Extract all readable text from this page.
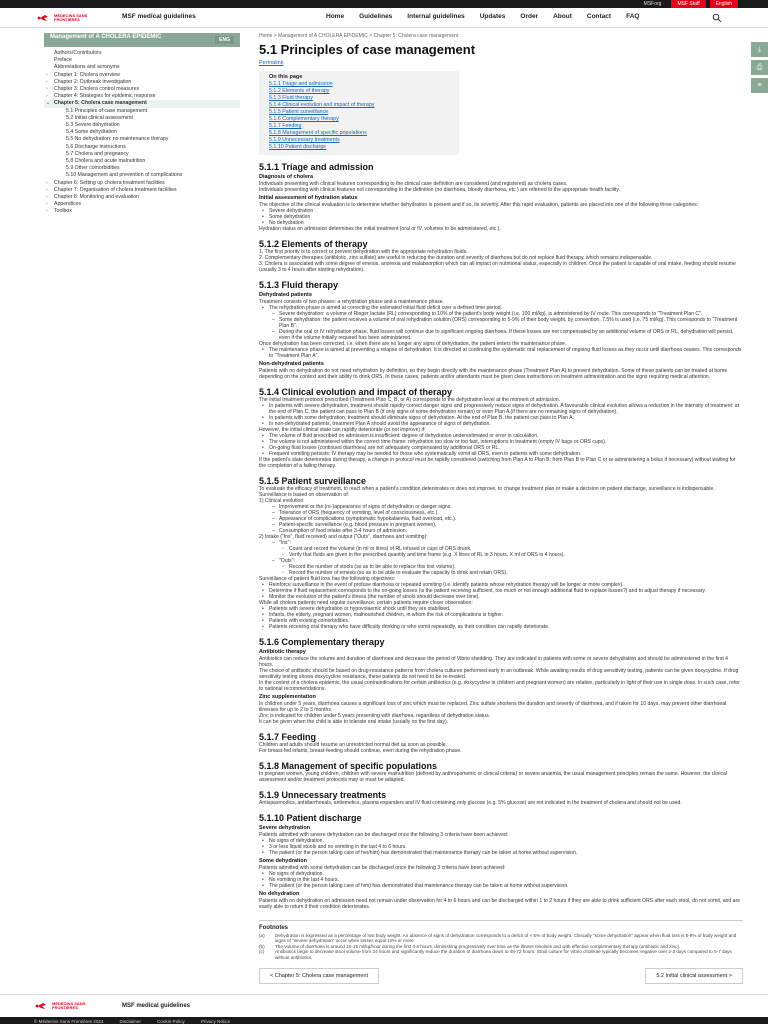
MSForg	MSF Staff	English
MÉDECINS SANS FRONTIÈRES	MSF medical guidelines	Home Guidelines Internal guidelines Updates Order About Contact FAQ
Management of A CHOLERA EPIDEMIC	ENG
Authors/Contributors
Preface
Abbreviations and acronyms
› Chapter 1: Cholera overview
› Chapter 2: Outbreak investigation
› Chapter 3: Cholera control measures
› Chapter 4: Strategies for epidemic response
⌄ Chapter 5: Cholera case management
5.1 Principles of case management
5.2 Initial clinical assessment
5.3 Severe dehydration
5.4 Some dehydration
5.5 No dehydration: no maintenance therapy
5.6 Discharge instructions
5.7 Cholera and pregnancy
5.8 Cholera and acute malnutrition
5.9 Other comorbidities
5.10 Management and prevention of complications
› Chapter 6: Setting up cholera treatment facilities
› Chapter 7: Organisation of cholera treatment facilities
› Chapter 8: Monitoring and evaluation
› Appendices
› Toolbox
⤓
⎙
≡
Home > Management of A CHOLERA EPIDEMIC > Chapter 5: Cholera case management
5.1 Principles of case management
Permalink
On this page
5.1.1 Triage and admission
5.1.2 Elements of therapy
5.1.3 Fluid therapy
5.1.4 Clinical evolution and impact of therapy
5.1.5 Patient surveillance
5.1.6 Complementary therapy
5.1.7 Feeding
5.1.8 Management of specific populations
5.1.9 Unnecessary treatments
5.1.10 Patient discharge
5.1.1 Triage and admission
Diagnosis of cholera

Individuals presenting with clinical features corresponding to the clinical case definition are considered (and registered) as cholera cases.

Individuals presenting with clinical features not corresponding to the definition (no diarrhoea, bloody diarrhoea, etc.) are referred to the appropriate health facility.

Initial assessment of hydration status

The objective of the clinical evaluation is to determine whether dehydration is present and if so, its severity. After this rapid evaluation, patients are placed into one of the following three categories:

• Severe dehydration
• Some dehydration
• No dehydration

Hydration status on admission determines the initial treatment (oral or IV, volumes to be administered, etc.).

5.1.2 Elements of therapy

1. The first priority is to correct or prevent dehydration with the appropriate rehydration fluids.

2. Complementary therapies (antibiotic, zinc sulfate) are useful in reducing the duration and severity of diarrhoea but do not replace fluid therapy, which remains indispensable.

3. Cholera is associated with some degree of emesis, anorexia and malabsorption which can all impact on nutritional status, especially in children. Once the patient is capable of oral intake, feeding should resume (usually 3 to 4 hours after starting rehydration).

5.1.3 Fluid therapy
Dehydrated patients

Treatment consists of two phases: a rehydration phase and a maintenance phase.

• The rehydration phase is aimed at correcting the estimated initial fluid deficit over a defined time period.
– Severe dehydration: a volume of Ringer lactate (RL) corresponding to 10% of the patient's body weight (i.e. 100 ml/kg), is administered by IV route. This corresponds to "Treatment Plan C".
– Some dehydration: the patient receives a volume of oral rehydration solution (ORS) corresponding to 5-9% of their body weight, by convention, 7.5% is used (i.e. 75 ml/kg). This corresponds to "Treatment Plan B".
– During the oral or IV rehydration phase, fluid losses will continue due to significant ongoing diarrhoea. If these losses are not compensated by an additional volume of ORS or RL, dehydration will persist, even if the volume initially required has been administered.

Once dehydration has been corrected, i.e. when there are no longer any signs of dehydration, the patient enters the maintenance phase.

• The maintenance phase is aimed at preventing a relapse of dehydration. It is directed at continuing the systematic oral replacement of ongoing fluid losses as they occur until diarrhoea ceases. This corresponds to "Treatment Plan A".
Non-dehydrated patients

Patients with no dehydration do not need rehydration by definition, so they begin directly with the maintenance phase (Treatment Plan A) to prevent dehydration. Some of these patients can be treated at home depending on the context and their ability to drink ORS. In these cases, patients and/or attendants must be given clear instructions on treatment administration and the signs requiring medical attention.

5.1.4 Clinical evolution and impact of therapy

The initial treatment protocol prescribed (Treatment Plan C, B, or A) corresponds to the dehydration level at the moment of admission.

• In patients with severe dehydration, treatment should rapidly correct danger signs and progressively reduce signs of dehydration. A favourable clinical evolution allows a reduction in the intensity of treatment: at the end of Plan C, the patient can pass to Plan B (if only signs of some dehydration remain) or even Plan A (if there are no remaining signs of dehydration).
• In patients with some dehydration, treatment should eliminate signs of dehydration. At the end of Plan B, the patient can pass to Plan A.
• In non-dehydrated patients, treatment Plan A should avoid the appearance of signs of dehydration.

However, the initial clinical state can rapidly deteriorate (or not improve) if:

• The volume of fluid prescribed on admission is insufficient: degree of dehydration underestimated or error in calculation.
• The volume is not administered within the correct time frame: rehydration too slow or too fast, interruptions in treatment (empty IV bags or ORS cups).
• On-going fluid losses (continued diarrhoea) are not adequately compensated by additional ORS or RL.
• Frequent vomiting persists: IV therapy may be needed for those who systematically vomit all ORS, even in patients with some dehydration.

If the patient's state deteriorates during therapy, a change in protocol must be rapidly considered (switching from Plan A to Plan B; from Plan B to Plan C or re-administering a bolus if necessary) without waiting for the completion of a failing therapy.

5.1.5 Patient surveillance

To evaluate the efficacy of treatment, to react when a patient's condition deteriorates or does not improve, to change treatment plan or make a decision on patient discharge, surveillance is indispensable. Surveillance is based on observation of:

1) Clinical evolution:

– Improvement or the (re-)appearance of signs of dehydration or danger signs.
– Tolerance of ORS (frequency of vomiting, level of consciousness, etc.).
– Appearance of complications (symptomatic hypokalaemia, fluid overload, etc.).
– Patient-specific surveillance (e.g. blood pressure in pregnant women).
– Consumption of food intake after 3-4 hours of admission.

2) Intake ("Ins", fluid received) and output ("Outs", diarrhoea and vomiting):

– "Ins":
◦ Count and record the volume (in ml or litres) of RL infused or cups of ORS drunk.
◦ Verify that fluids are given in the prescribed quantity and time frame (e.g. X litres of RL in 3 hours, X ml of ORS in 4 hours).
– "Outs":
◦ Record the number of stools (so as to be able to replace this lost volume).
◦ Record the number of emesis (so as to be able to evaluate the capacity to drink and retain ORS).

Surveillance of patient fluid loss has the following objectives:

• Reinforce surveillance in the event of profuse diarrhoea or repeated vomiting (i.e. identify patients whose rehydration therapy will be longer or more complex).
• Determine if fluid replacement corresponds to the on-going losses (is the patient receiving sufficient, too much or not enough additional fluid to replace losses?) and to adjust therapy if necessary.
• Monitor the evolution of the patient's illness (the number of stools should decrease over time).

While all cholera patients need regular surveillance, certain patients require closer observation:

• Patients with severe dehydration or hypovolaemic shock until they are stabilised.
• Infants, the elderly, pregnant women, malnourished children, in whom the risk of complications is higher.
• Patients with existing comorbidities.
• Patients receiving oral therapy who have difficulty drinking or who vomit repeatedly, as their condition can rapidly deteriorate.
5.1.6 Complementary therapy
Antibiotic therapy

Antibiotics can reduce the volume and duration of diarrhoea and decrease the period of Vibrio shedding. They are indicated in patients with some or severe dehydration and should be administered in the first 4 hours.

The choice of antibiotic should be based on drug-resistance patterns from cholera cultures performed early in an outbreak. While awaiting results of drug sensitivity testing, patients can be given doxycycline. If drug sensitivity testing shows doxycycline resistance, these patients do not need to be re-treated.

In the context of a cholera epidemic, the usual contraindications for certain antibiotics (e.g. doxycycline in children and pregnant women) are relative, particularly in light of their use in single dose. In such case, refer to national recommendations.

Zinc supplementation

In children under 5 years, diarrhoea causes a significant loss of zinc which must be replaced. Zinc sulfate shortens the duration and severity of diarrhoea, and if taken for 10 days, may prevent other diarrhoeal illnesses for up to 2 to 3 months.

Zinc is indicated for children under 5 years presenting with diarrhoea, regardless of dehydration status.

It can be given when the child is able to tolerate oral intake (usually on the first day).

5.1.7 Feeding

Children and adults should resume an unrestricted normal diet as soon as possible.

For breast-fed infants, breast-feeding should continue, even during the rehydration phase.

5.1.8 Management of specific populations

In pregnant women, young children, children with severe malnutrition (defined by anthropometric or clinical criteria) or severe anaemia, the usual management principles remain the same. However, the clinical assessment and/or treatment protocols may or must be adapted.

5.1.9 Unnecessary treatments

Antispasmodics, antidiarrhoeals, antiemetics, plasma expanders and IV fluid containing only glucose (e.g. 5% glucose) are not indicated in the treatment of cholera and should not be used.

5.1.10 Patient discharge
Severe dehydration

Patients admitted with severe dehydration can be discharged once the following 3 criteria have been achieved:

• No signs of dehydration.
• 3 or less liquid stools and no vomiting in the last 4 to 6 hours.
• The patient (or the person taking care of her/him) has demonstrated that maintenance therapy can be taken at home without supervision.
Some dehydration

Patients admitted with some dehydration can be discharged once the following 3 criteria have been achieved:

• No signs of dehydration.
• No vomiting in the last 4 hours.
• The patient (or the person taking care of him) has demonstrated that maintenance therapy can be taken at home without supervision.
No dehydration

Patients with no dehydration on admission need not remain under observation for 4 to 6 hours and can be discharged within 1 to 2 hours if they are able to drink sufficient ORS after each stool, do not vomit, and are easily able to return if their condition deteriorates.

Footnotes
(a)	Dehydration is expressed as a percentage of lost body weight. An absence of signs of dehydration corresponds to a deficit of < 5% of body weight. Clinically "some dehydration" appear when fluid loss is 5-9% of body weight and signs of "severe dehydration" occur when losses equal 10% or more.
(b)	The volume of diarrhoea is around 10-15 ml/kg/hour during the first 4-6 hours, diminishing progressively over time as the illness resolves and with effective complementary therapy (antibiotic and zinc).
(c)	Antibiotics begin to decrease stool volume from 24 hours and significantly reduce the duration of diarrhoea down to 48-72 hours. Stool culture for Vibrio cholerae typically becomes negative over 2-3 days compared to 5-7 days without antibiotics.
< Chapter 5: Cholera case management	5.2 Initial clinical assessment >
MÉDECINS SANS FRONTIÈRES	MSF medical guidelines
© Médecins Sans Frontières 2024	Disclaimer	Cookie Policy	Privacy Notice
